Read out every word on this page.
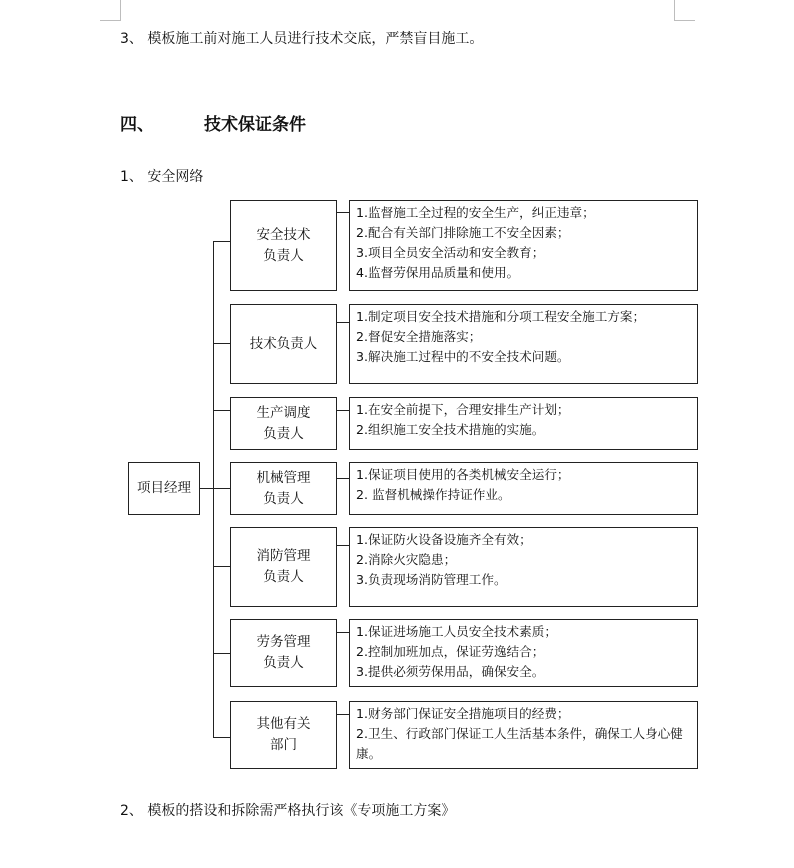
3、 模板施工前对施工人员进行技术交底，严禁盲目施工。
四、	技术保证条件
1、 安全网络
项目经理
安全技术
负责人
1.监督施工全过程的安全生产，纠正违章；
2.配合有关部门排除施工不安全因素；
3.项目全员安全活动和安全教育；
4.监督劳保用品质量和使用。
技术负责人
1.制定项目安全技术措施和分项工程安全施工方案；
2.督促安全措施落实；
3.解决施工过程中的不安全技术问题。
生产调度
负责人
1.在安全前提下，合理安排生产计划；
2.组织施工安全技术措施的实施。
机械管理
负责人
1.保证项目使用的各类机械安全运行；
2. 监督机械操作持证作业。
消防管理
负责人
1.保证防火设备设施齐全有效；
2.消除火灾隐患；
3.负责现场消防管理工作。
劳务管理
负责人
1.保证进场施工人员安全技术素质；
2.控制加班加点，保证劳逸结合；
3.提供必须劳保用品，确保安全。
其他有关
部门
1.财务部门保证安全措施项目的经费；
2.卫生、行政部门保证工人生活基本条件，确保工人身心健康。
2、 模板的搭设和拆除需严格执行该《专项施工方案》
